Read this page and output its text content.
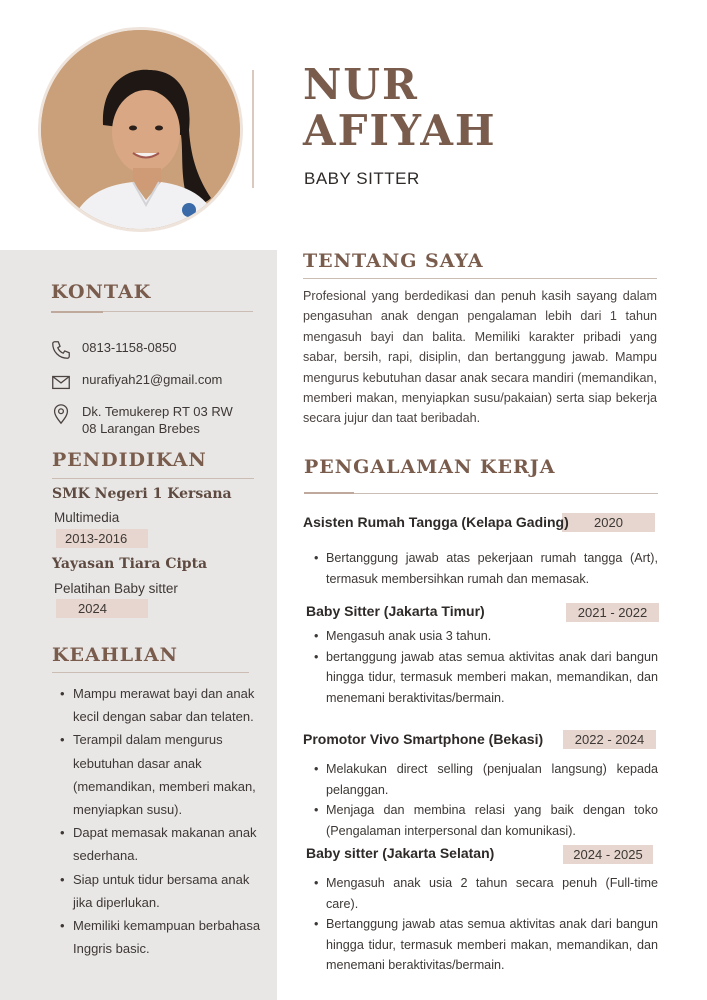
NUR
AFIYAH
BABY SITTER
KONTAK
0813-1158-0850
nurafiyah21@gmail.com
Dk. Temukerep RT 03 RW
08 Larangan Brebes
PENDIDIKAN
SMK Negeri 1 Kersana
Multimedia
2013-2016
Yayasan Tiara Cipta
Pelatihan Baby sitter
2024
KEAHLIAN
• Mampu merawat bayi dan anak kecil dengan sabar dan telaten.
• Terampil dalam mengurus kebutuhan dasar anak (memandikan, memberi makan, menyiapkan susu).
• Dapat memasak makanan anak sederhana.
• Siap untuk tidur bersama anak jika diperlukan.
• Memiliki kemampuan berbahasa Inggris basic.
TENTANG SAYA
Profesional yang berdedikasi dan penuh kasih sayang dalam pengasuhan anak dengan pengalaman lebih dari 1 tahun mengasuh bayi dan balita. Memiliki karakter pribadi yang sabar, bersih, rapi, disiplin, dan bertanggung jawab. Mampu mengurus kebutuhan dasar anak secara mandiri (memandikan, memberi makan, menyiapkan susu/pakaian) serta siap bekerja secara jujur dan taat beribadah.
PENGALAMAN KERJA
2020
Asisten Rumah Tangga (Kelapa Gading)
• Bertanggung jawab atas pekerjaan rumah tangga (Art), termasuk membersihkan rumah dan memasak.
2021 - 2022
Baby Sitter (Jakarta Timur)
• Mengasuh anak usia 3 tahun.
• bertanggung jawab atas semua aktivitas anak dari bangun hingga tidur, termasuk memberi makan, memandikan, dan menemani beraktivitas/bermain.
2022 - 2024
Promotor Vivo Smartphone (Bekasi)
• Melakukan direct selling (penjualan langsung) kepada pelanggan.
• Menjaga dan membina relasi yang baik dengan toko (Pengalaman interpersonal dan komunikasi).
2024 - 2025
Baby sitter (Jakarta Selatan)
• Mengasuh anak usia 2 tahun secara penuh (Full-time care).
• Bertanggung jawab atas semua aktivitas anak dari bangun hingga tidur, termasuk memberi makan, memandikan, dan menemani beraktivitas/bermain.
